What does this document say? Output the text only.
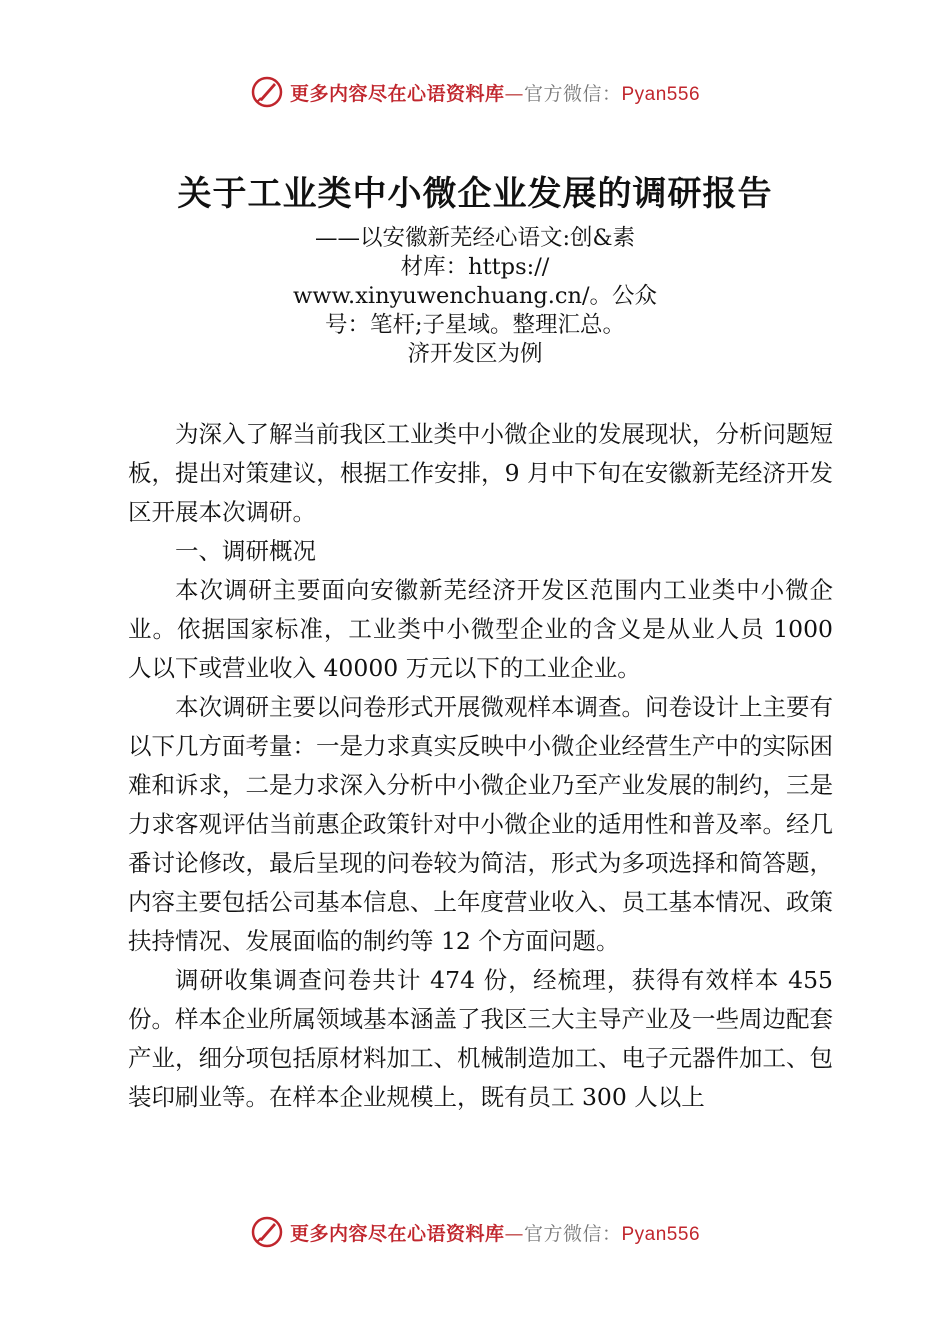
更多内容尽在心语资料库—官方微信：Pyan556
关于工业类中小微企业发展的调研报告
——以安徽新芜经心语文:创&素
材库：https://
www.xinyuwenchuang.cn/。公众
号：笔杆;子星域。整理汇总。
济开发区为例

为深入了解当前我区工业类中小微企业的发展现状，分析问题短板，提出对策建议，根据工作安排，9 月中下旬在安徽新芜经济开发区开展本次调研。

一、调研概况

本次调研主要面向安徽新芜经济开发区范围内工业类中小微企业。依据国家标准，工业类中小微型企业的含义是从业人员 1000 人以下或营业收入 40000 万元以下的工业企业。

本次调研主要以问卷形式开展微观样本调查。问卷设计上主要有以下几方面考量：一是力求真实反映中小微企业经营生产中的实际困难和诉求，二是力求深入分析中小微企业乃至产业发展的制约，三是力求客观评估当前惠企政策针对中小微企业的适用性和普及率。经几番讨论修改，最后呈现的问卷较为简洁，形式为多项选择和简答题，内容主要包括公司基本信息、上年度营业收入、员工基本情况、政策扶持情况、发展面临的制约等 12 个方面问题。

调研收集调查问卷共计 474 份，经梳理，获得有效样本 455 份。样本企业所属领域基本涵盖了我区三大主导产业及一些周边配套产业，细分项包括原材料加工、机械制造加工、电子元器件加工、包装印刷业等。在样本企业规模上，既有员工 300 人以上

更多内容尽在心语资料库—官方微信：Pyan556
